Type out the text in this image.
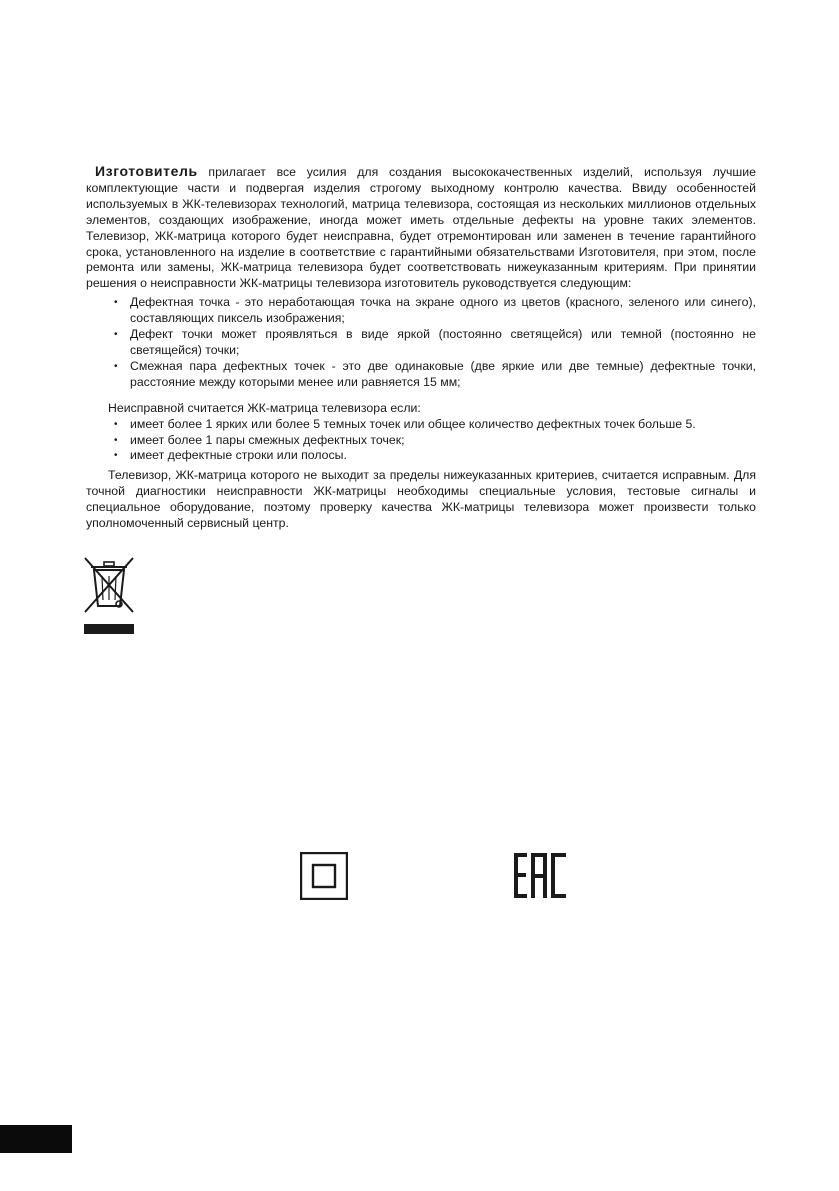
Изготовитель прилагает все усилия для создания высококачественных изделий, используя лучшие комплектующие части и подвергая изделия строгому выходному контролю качества. Ввиду особенностей используемых в ЖК-телевизорах технологий, матрица телевизора, состоящая из нескольких миллионов отдельных элементов, создающих изображение, иногда может иметь отдельные дефекты на уровне таких элементов. Телевизор, ЖК-матрица которого будет неисправна, будет отремонтирован или заменен в течение гарантийного срока, установленного на изделие в соответствие с гарантийными обязательствами Изготовителя, при этом, после ремонта или замены, ЖК-матрица телевизора будет соответствовать нижеуказанным критериям. При принятии решения о неисправности ЖК-матрицы телевизора изготовитель руководствуется следующим:

• Дефектная точка - это неработающая точка на экране одного из цветов (красного, зеленого или синего), составляющих пиксель изображения;
• Дефект точки может проявляться в виде яркой (постоянно светящейся) или темной (постоянно не светящейся) точки;
• Смежная пара дефектных точек - это две одинаковые (две яркие или две темные) дефектные точки, расстояние между которыми менее или равняется 15 мм;

Неисправной считается ЖК-матрица телевизора если:

• имеет более 1 ярких или более 5 темных точек или общее количество дефектных точек больше 5.
• имеет более 1 пары смежных дефектных точек;
• имеет дефектные строки или полосы.

Телевизор, ЖК-матрица которого не выходит за пределы нижеуказанных критериев, считается исправным. Для точной диагностики неисправности ЖК-матрицы необходимы специальные условия, тестовые сигналы и специальное оборудование, поэтому проверку качества ЖК-матрицы телевизора может произвести только уполномоченный сервисный центр.
